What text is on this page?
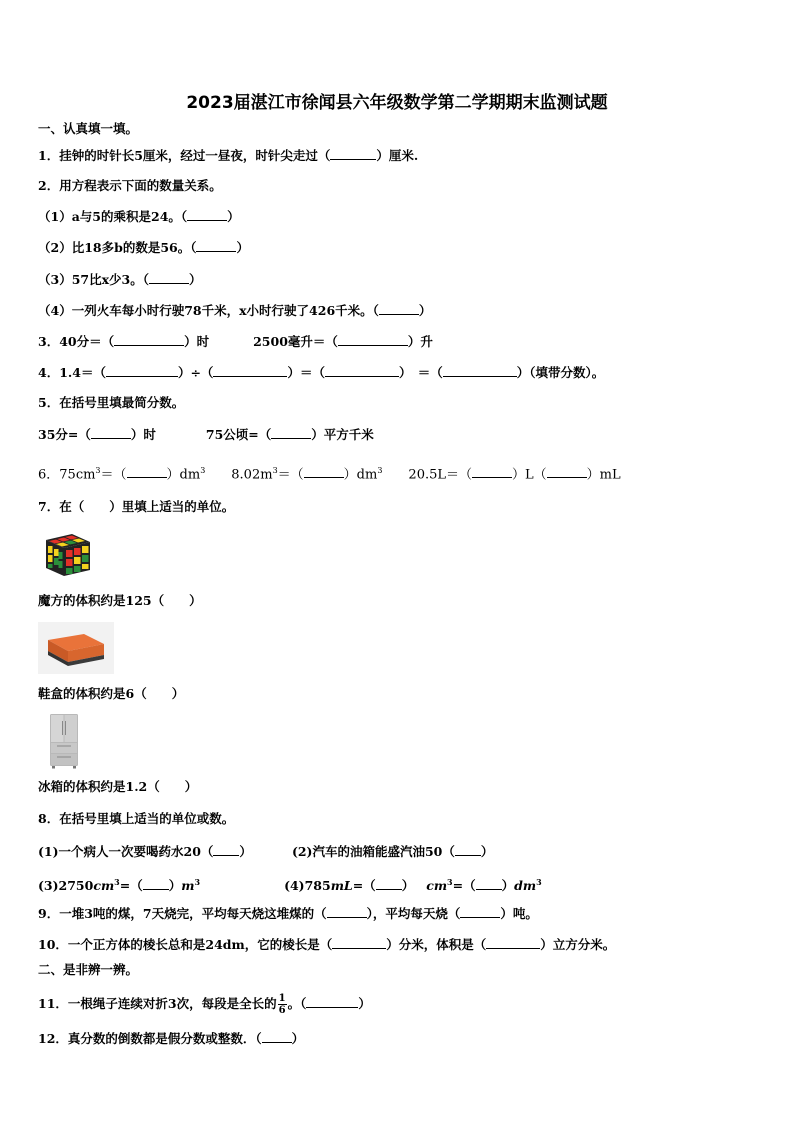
2023届湛江市徐闻县六年级数学第二学期期末监测试题
一、认真填一填。
1．挂钟的时针长5厘米，经过一昼夜，时针尖走过（	）厘米.
2．用方程表示下面的数量关系。
（1）a与5的乘积是24。（	）
（2）比18多b的数是56。（	）
（3）57比x少3。（	）
（4）一列火车每小时行驶78千米，x小时行驶了426千米。（	）
3．40分＝（	）时	2500毫升＝（	）升
4．1.4＝（	）÷（	）＝（	）　＝（	）（填带分数）。
5．在括号里填最简分数。
35分=（	）时	75公顷=（	）平方千米
6．$75cm^3=$（	）$dm^3$ $8.02m^3=$（	）$dm^3$ 20.5L＝（	）L（	）mL
7．在（　　）里填上适当的单位。
魔方的体积约是125（　　）
鞋盒的体积约是6（　　）
冰箱的体积约是1.2（　　）
8．在括号里填上适当的单位或数。
(1)一个病人一次要喝药水20（ ）	(2)汽车的油箱能盛汽油50（ ）
$(3)2750cm^3=$（ ）$m^3$	(4)785mL=（ ） $cm^3=$（ ）$dm^3$
9．一堆3吨的煤，7天烧完，平均每天烧这堆煤的（	），平均每天烧（	）吨。
10．一个正方体的棱长总和是24dm，它的棱长是（	）分米，体积是（	）立方分米。
二、是非辨一辨。
11．一根绳子连续对折3次，每段是全长的 $\frac{1}{6}$ 。（	）
12．真分数的倒数都是假分数或整数．（ ）
